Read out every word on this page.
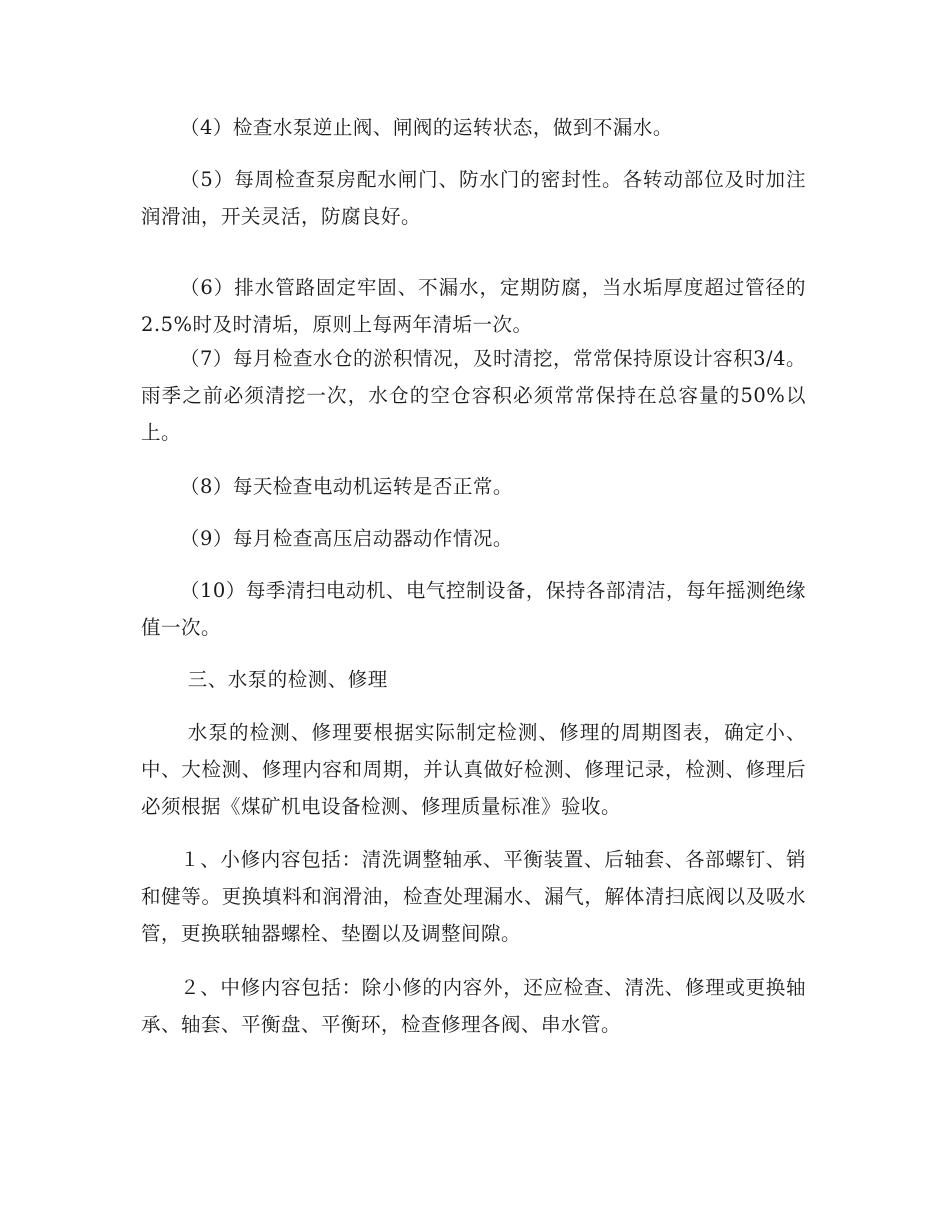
（4）检查水泵逆止阀、闸阀的运转状态，做到不漏水。

（5）每周检查泵房配水闸门、防水门的密封性。各转动部位及时加注润滑油，开关灵活，防腐良好。

（6）排水管路固定牢固、不漏水，定期防腐，当水垢厚度超过管径的2.5%时及时清垢，原则上每两年清垢一次。

（7）每月检查水仓的淤积情况，及时清挖，常常保持原设计容积3/4。雨季之前必须清挖一次，水仓的空仓容积必须常常保持在总容量的50%以上。

（8）每天检查电动机运转是否正常。

（9）每月检查高压启动器动作情况。

（10）每季清扫电动机、电气控制设备，保持各部清洁，每年摇测绝缘值一次。

三、水泵的检测、修理

水泵的检测、修理要根据实际制定检测、修理的周期图表，确定小、中、大检测、修理内容和周期，并认真做好检测、修理记录，检测、修理后必须根据《煤矿机电设备检测、修理质量标准》验收。

１、小修内容包括：清洗调整轴承、平衡装置、后轴套、各部螺钉、销和健等。更换填料和润滑油，检查处理漏水、漏气，解体清扫底阀以及吸水管，更换联轴器螺栓、垫圈以及调整间隙。

２、中修内容包括：除小修的内容外，还应检查、清洗、修理或更换轴承、轴套、平衡盘、平衡环，检查修理各阀、串水管。
